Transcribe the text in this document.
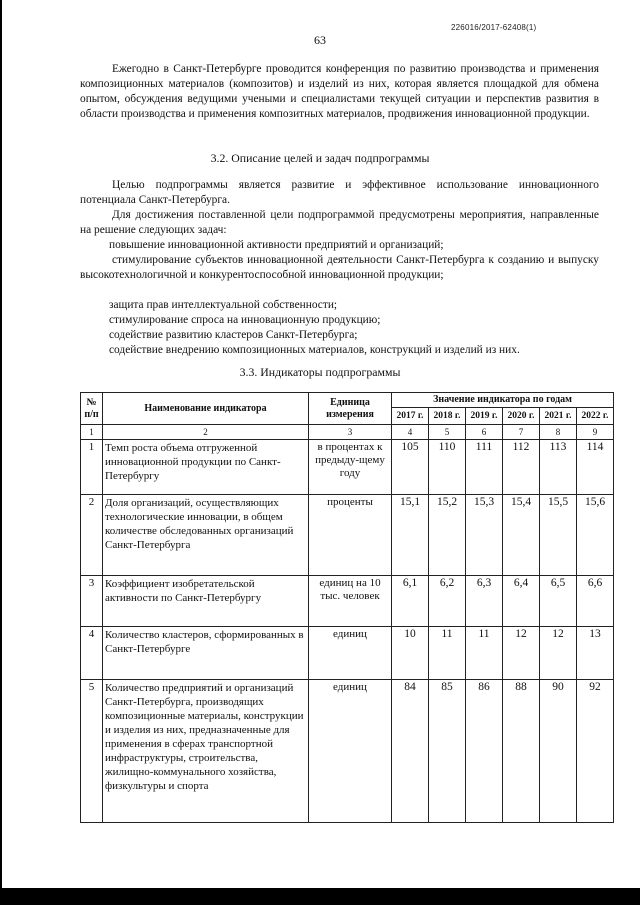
226016/2017-62408(1)
63

Ежегодно в Санкт-Петербурге проводится конференция по развитию производства и применения композиционных материалов (композитов) и изделий из них, которая является площадкой для обмена опытом, обсуждения ведущими учеными и специалистами текущей ситуации и перспектив развития в области производства и применения композитных материалов, продвижения инновационной продукции.

3.2. Описание целей и задач подпрограммы

Целью подпрограммы является развитие и эффективное использование инновационного потенциала Санкт-Петербурга.

Для достижения поставленной цели подпрограммой предусмотрены мероприятия, направленные на решение следующих задач:

повышение инновационной активности предприятий и организаций;

стимулирование субъектов инновационной деятельности Санкт-Петербурга к созданию и выпуску высокотехнологичной и конкурентоспособной инновационной продукции;

защита прав интеллектуальной собственности;

стимулирование спроса на инновационную продукцию;

содействие развитию кластеров Санкт-Петербурга;

содействие внедрению композиционных материалов, конструкций и изделий из них.

3.3. Индикаторы подпрограммы

№ п/п	Наименование индикатора	Единица измерения	Значение индикатора по годам					
			2017 г.	2018 г.	2019 г.	2020 г.	2021 г.	2022 г.
1	2	3	4	5	6	7	8	9
1	Темп роста объема отгруженной инновационной продукции по Санкт-Петербургу	в процентах к предыду-щему году	105	110	111	112	113	114
2	Доля организаций, осуществляющих технологические инновации, в общем количестве обследованных организаций Санкт-Петербурга	проценты	15,1	15,2	15,3	15,4	15,5	15,6
3	Коэффициент изобретательской активности по Санкт-Петербургу	единиц на 10 тыс. человек	6,1	6,2	6,3	6,4	6,5	6,6
4	Количество кластеров, сформированных в Санкт-Петербурге	единиц	10	11	11	12	12	13
5	Количество предприятий и организаций Санкт-Петербурга, производящих композиционные материалы, конструкции и изделия из них, предназначенные для применения в сферах транспортной инфраструктуры, строительства, жилищно-коммунального хозяйства, физкультуры и спорта	единиц	84	85	86	88	90	92
